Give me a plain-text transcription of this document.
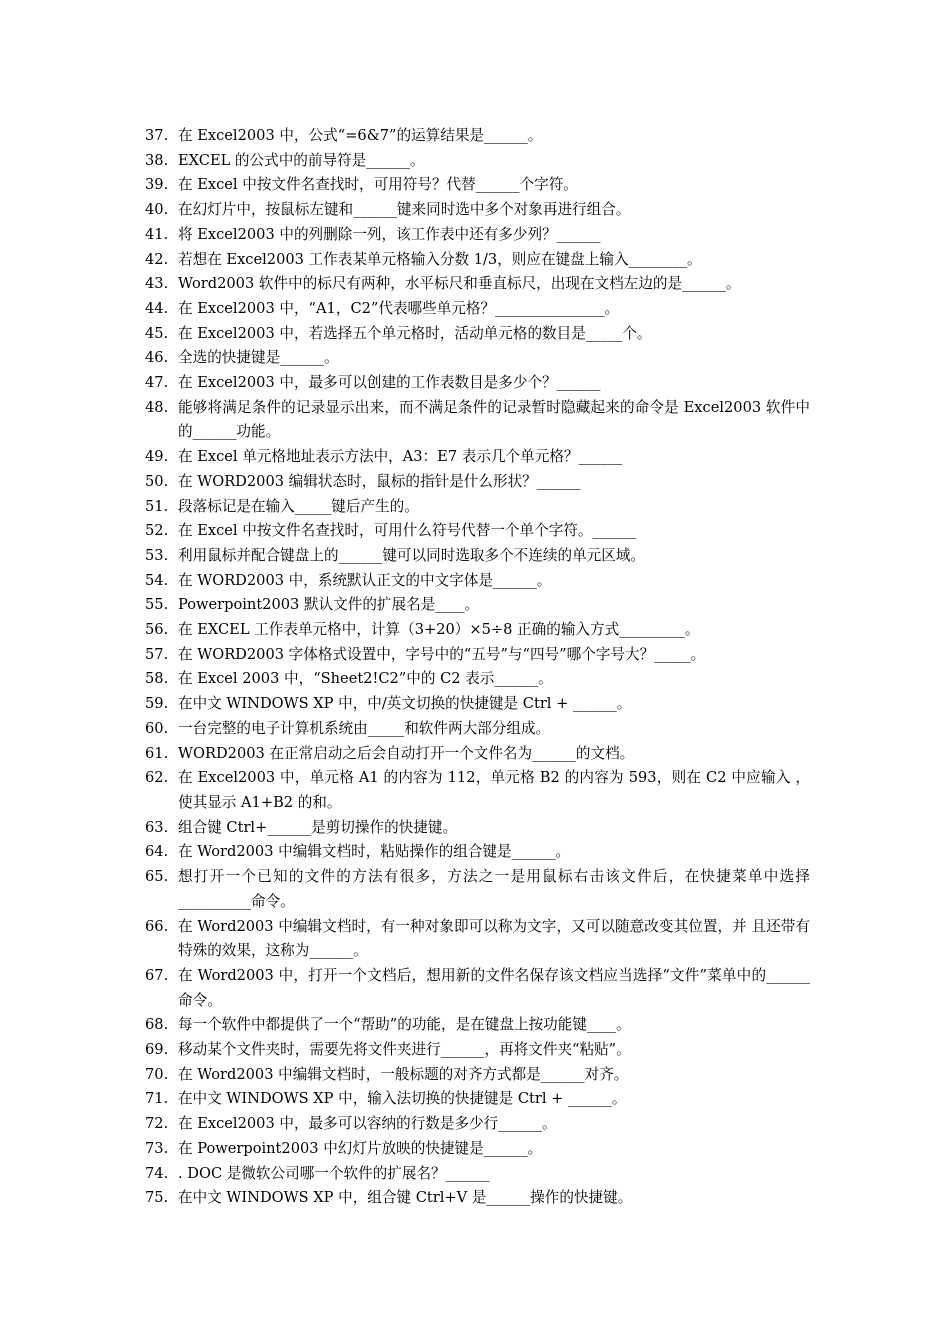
37. 在 Excel2003 中，公式“=6&7”的运算结果是______。
38. EXCEL 的公式中的前导符是______。
39. 在 Excel 中按文件名查找时，可用符号？代替______个字符。
40. 在幻灯片中，按鼠标左键和______键来同时选中多个对象再进行组合。
41. 将 Excel2003 中的列删除一列，该工作表中还有多少列？______
42. 若想在 Excel2003 工作表某单元格输入分数 1/3，则应在键盘上输入________。
43. Word2003 软件中的标尺有两种，水平标尺和垂直标尺，出现在文档左边的是______。
44. 在 Excel2003 中，“A1，C2”代表哪些单元格？_______________。
45. 在 Excel2003 中，若选择五个单元格时，活动单元格的数目是_____个。
46. 全选的快捷键是______。
47. 在 Excel2003 中，最多可以创建的工作表数目是多少个？______
48. 能够将满足条件的记录显示出来，而不满足条件的记录暂时隐藏起来的命令是 Excel2003 软件中的______功能。
49. 在 Excel 单元格地址表示方法中，A3：E7 表示几个单元格？______
50. 在 WORD2003 编辑状态时，鼠标的指针是什么形状？______
51. 段落标记是在输入_____键后产生的。
52. 在 Excel 中按文件名查找时，可用什么符号代替一个单个字符。______
53. 利用鼠标并配合键盘上的______键可以同时选取多个不连续的单元区域。
54. 在 WORD2003 中，系统默认正文的中文字体是______。
55. Powerpoint2003 默认文件的扩展名是____。
56. 在 EXCEL 工作表单元格中，计算（3+20）×5÷8 正确的输入方式_________。
57. 在 WORD2003 字体格式设置中，字号中的“五号”与“四号”哪个字号大？_____。
58. 在 Excel 2003 中，“Sheet2!C2”中的 C2 表示______。
59. 在中文 WINDOWS XP 中，中/英文切换的快捷键是 Ctrl + ______。
60. 一台完整的电子计算机系统由_____和软件两大部分组成。
61. WORD2003 在正常启动之后会自动打开一个文件名为______的文档。
62. 在 Excel2003 中，单元格 A1 的内容为 112，单元格 B2 的内容为 593，则在 C2 中应输入 ，使其显示 A1+B2 的和。
63. 组合键 Ctrl+______是剪切操作的快捷键。
64. 在 Word2003 中编辑文档时，粘贴操作的组合键是______。
65. 想打开一个已知的文件的方法有很多，方法之一是用鼠标右击该文件后，在快捷菜单中选择__________命令。
66. 在 Word2003 中编辑文档时，有一种对象即可以称为文字，又可以随意改变其位置，并 且还带有特殊的效果，这称为______。
67. 在 Word2003 中，打开一个文档后，想用新的文件名保存该文档应当选择“文件”菜单中的______命令。
68. 每一个软件中都提供了一个“帮助”的功能，是在键盘上按功能键____。
69. 移动某个文件夹时，需要先将文件夹进行______，再将文件夹“粘贴”。
70. 在 Word2003 中编辑文档时，一般标题的对齐方式都是______对齐。
71. 在中文 WINDOWS XP 中，输入法切换的快捷键是 Ctrl + ______。
72. 在 Excel2003 中，最多可以容纳的行数是多少行______。
73. 在 Powerpoint2003 中幻灯片放映的快捷键是______。
74. . DOC 是微软公司哪一个软件的扩展名？______
75. 在中文 WINDOWS XP 中，组合键 Ctrl+V 是______操作的快捷键。
